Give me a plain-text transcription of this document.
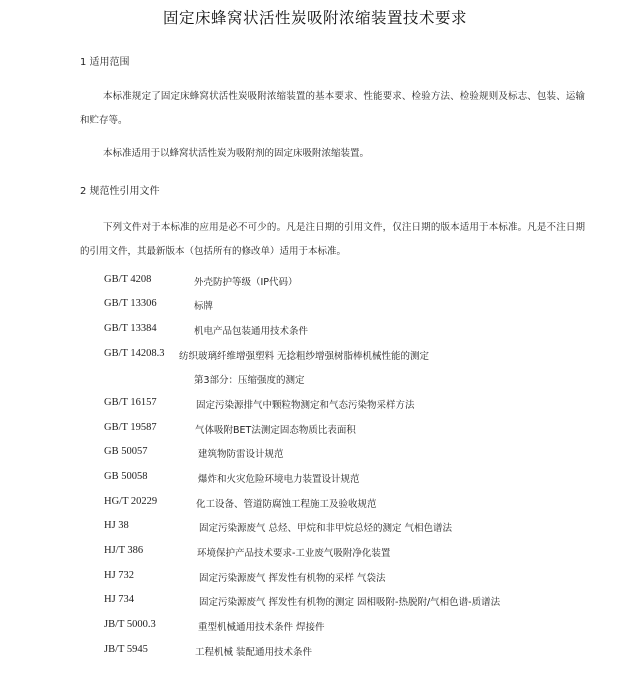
固定床蜂窝状活性炭吸附浓缩装置技术要求
1 适用范围
本标准规定了固定床蜂窝状活性炭吸附浓缩装置的基本要求、性能要求、检验方法、检验规则及标志、包装、运输和贮存等。
本标准适用于以蜂窝状活性炭为吸附剂的固定床吸附浓缩装置。
2 规范性引用文件
下列文件对于本标准的应用是必不可少的。凡是注日期的引用文件，仅注日期的版本适用于本标准。凡是不注日期的引用文件，其最新版本（包括所有的修改单）适用于本标准。
GB/T 4208	外壳防护等级（IP代码）
GB/T 13306	标牌
GB/T 13384	机电产品包装通用技术条件
GB/T 14208.3 纺织玻璃纤维增强塑料 无捻粗纱增强树脂棒机械性能的测定
第3部分：压缩强度的测定
GB/T 16157	固定污染源排气中颗粒物测定和气态污染物采样方法
GB/T 19587	气体吸附BET法测定固态物质比表面积
GB 50057	建筑物防雷设计规范
GB 50058	爆炸和火灾危险环境电力装置设计规范
HG/T 20229	化工设备、管道防腐蚀工程施工及验收规范
HJ 38	固定污染源废气 总烃、甲烷和非甲烷总烃的测定 气相色谱法
HJ/T 386	环境保护产品技术要求-工业废气吸附净化装置
HJ 732	固定污染源废气 挥发性有机物的采样 气袋法
HJ 734	固定污染源废气 挥发性有机物的测定 固相吸附-热脱附/气相色谱-质谱法
JB/T 5000.3	重型机械通用技术条件 焊接件
JB/T 5945	工程机械 装配通用技术条件
